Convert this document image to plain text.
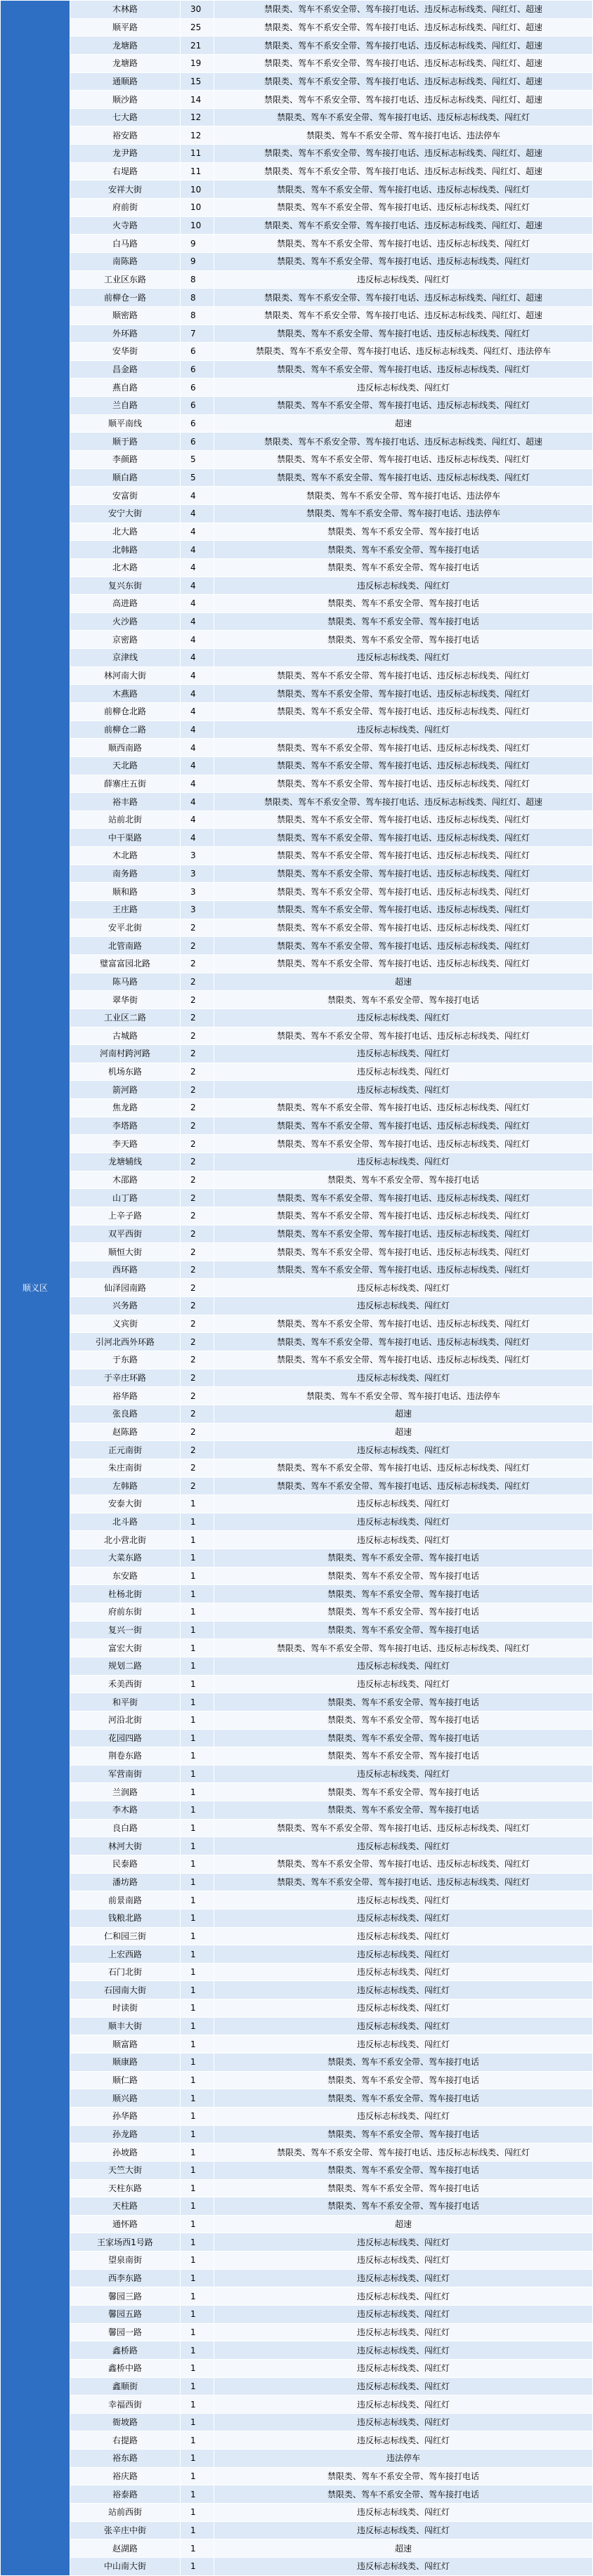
顺义区	木林路	30	禁限类、驾车不系安全带、驾车接打电话、违反标志标线类、闯红灯、超速
	顺平路	25	禁限类、驾车不系安全带、驾车接打电话、违反标志标线类、闯红灯、超速
	龙塘路	21	禁限类、驾车不系安全带、驾车接打电话、违反标志标线类、闯红灯、超速
	龙塘路	19	禁限类、驾车不系安全带、驾车接打电话、违反标志标线类、闯红灯、超速
	通顺路	15	禁限类、驾车不系安全带、驾车接打电话、违反标志标线类、闯红灯、超速
	顺沙路	14	禁限类、驾车不系安全带、驾车接打电话、违反标志标线类、闯红灯、超速
	七大路	12	禁限类、驾车不系安全带、驾车接打电话、违反标志标线类、闯红灯
	裕安路	12	禁限类、驾车不系安全带、驾车接打电话、违法停车
	龙尹路	11	禁限类、驾车不系安全带、驾车接打电话、违反标志标线类、闯红灯、超速
	右堤路	11	禁限类、驾车不系安全带、驾车接打电话、违反标志标线类、闯红灯、超速
	安祥大街	10	禁限类、驾车不系安全带、驾车接打电话、违反标志标线类、闯红灯
	府前街	10	禁限类、驾车不系安全带、驾车接打电话、违反标志标线类、闯红灯
	火寺路	10	禁限类、驾车不系安全带、驾车接打电话、违反标志标线类、闯红灯、超速
	白马路	9	禁限类、驾车不系安全带、驾车接打电话、违反标志标线类、闯红灯
	南陈路	9	禁限类、驾车不系安全带、驾车接打电话、违反标志标线类、闯红灯
	工业区东路	8	违反标志标线类、闯红灯
	前柳仓一路	8	禁限类、驾车不系安全带、驾车接打电话、违反标志标线类、闯红灯、超速
	顺密路	8	禁限类、驾车不系安全带、驾车接打电话、违反标志标线类、闯红灯、超速
	外环路	7	禁限类、驾车不系安全带、驾车接打电话、违反标志标线类、闯红灯
	安华街	6	禁限类、驾车不系安全带、驾车接打电话、违反标志标线类、闯红灯、违法停车
	昌金路	6	禁限类、驾车不系安全带、驾车接打电话、违反标志标线类、闯红灯
	燕自路	6	违反标志标线类、闯红灯
	兰自路	6	禁限类、驾车不系安全带、驾车接打电话、违反标志标线类、闯红灯
	顺平南线	6	超速
	顺于路	6	禁限类、驾车不系安全带、驾车接打电话、违反标志标线类、闯红灯、超速
	李颜路	5	禁限类、驾车不系安全带、驾车接打电话、违反标志标线类、闯红灯
	顺白路	5	禁限类、驾车不系安全带、驾车接打电话、违反标志标线类、闯红灯
	安富街	4	禁限类、驾车不系安全带、驾车接打电话、违法停车
	安宁大街	4	禁限类、驾车不系安全带、驾车接打电话、违法停车
	北大路	4	禁限类、驾车不系安全带、驾车接打电话
	北韩路	4	禁限类、驾车不系安全带、驾车接打电话
	北木路	4	禁限类、驾车不系安全带、驾车接打电话
	复兴东街	4	违反标志标线类、闯红灯
	高进路	4	禁限类、驾车不系安全带、驾车接打电话
	火沙路	4	禁限类、驾车不系安全带、驾车接打电话
	京密路	4	禁限类、驾车不系安全带、驾车接打电话
	京津线	4	违反标志标线类、闯红灯
	林河南大街	4	禁限类、驾车不系安全带、驾车接打电话、违反标志标线类、闯红灯
	木燕路	4	禁限类、驾车不系安全带、驾车接打电话、违反标志标线类、闯红灯
	前柳仓北路	4	禁限类、驾车不系安全带、驾车接打电话、违反标志标线类、闯红灯
	前柳仓二路	4	违反标志标线类、闯红灯
	顺西南路	4	禁限类、驾车不系安全带、驾车接打电话、违反标志标线类、闯红灯
	天北路	4	禁限类、驾车不系安全带、驾车接打电话、违反标志标线类、闯红灯
	薛寨庄五街	4	禁限类、驾车不系安全带、驾车接打电话、违反标志标线类、闯红灯
	裕丰路	4	禁限类、驾车不系安全带、驾车接打电话、违反标志标线类、闯红灯、超速
	站前北街	4	禁限类、驾车不系安全带、驾车接打电话、违反标志标线类、闯红灯
	中干渠路	4	禁限类、驾车不系安全带、驾车接打电话、违反标志标线类、闯红灯
	木北路	3	禁限类、驾车不系安全带、驾车接打电话、违反标志标线类、闯红灯
	南务路	3	禁限类、驾车不系安全带、驾车接打电话、违反标志标线类、闯红灯
	顺和路	3	禁限类、驾车不系安全带、驾车接打电话、违反标志标线类、闯红灯
	王庄路	3	禁限类、驾车不系安全带、驾车接打电话、违反标志标线类、闯红灯
	安平北街	2	禁限类、驾车不系安全带、驾车接打电话、违反标志标线类、闯红灯
	北管南路	2	禁限类、驾车不系安全带、驾车接打电话、违反标志标线类、闯红灯
	璧富富园北路	2	禁限类、驾车不系安全带、驾车接打电话、违反标志标线类、闯红灯
	陈马路	2	超速
	翠华街	2	禁限类、驾车不系安全带、驾车接打电话
	工业区二路	2	违反标志标线类、闯红灯
	古城路	2	禁限类、驾车不系安全带、驾车接打电话、违反标志标线类、闯红灯
	河南村跨河路	2	违反标志标线类、闯红灯
	机场东路	2	违反标志标线类、闯红灯
	箭河路	2	违反标志标线类、闯红灯
	焦龙路	2	禁限类、驾车不系安全带、驾车接打电话、违反标志标线类、闯红灯
	李塔路	2	禁限类、驾车不系安全带、驾车接打电话、违反标志标线类、闯红灯
	李天路	2	禁限类、驾车不系安全带、驾车接打电话、违反标志标线类、闯红灯
	龙塘辅线	2	违反标志标线类、闯红灯
	木邵路	2	禁限类、驾车不系安全带、驾车接打电话
	山丁路	2	禁限类、驾车不系安全带、驾车接打电话、违反标志标线类、闯红灯
	上辛子路	2	禁限类、驾车不系安全带、驾车接打电话、违反标志标线类、闯红灯
	双平西街	2	禁限类、驾车不系安全带、驾车接打电话、违反标志标线类、闯红灯
	顺恒大街	2	禁限类、驾车不系安全带、驾车接打电话、违反标志标线类、闯红灯
	西环路	2	禁限类、驾车不系安全带、驾车接打电话、违反标志标线类、闯红灯
	仙泽园南路	2	违反标志标线类、闯红灯
	兴务路	2	违反标志标线类、闯红灯
	义宾街	2	禁限类、驾车不系安全带、驾车接打电话、违反标志标线类、闯红灯
	引河北西外环路	2	禁限类、驾车不系安全带、驾车接打电话、违反标志标线类、闯红灯
	于东路	2	禁限类、驾车不系安全带、驾车接打电话、违反标志标线类、闯红灯
	于辛庄环路	2	违反标志标线类、闯红灯
	裕华路	2	禁限类、驾车不系安全带、驾车接打电话、违法停车
	张良路	2	超速
	赵陈路	2	超速
	正元南街	2	违反标志标线类、闯红灯
	朱庄南街	2	禁限类、驾车不系安全带、驾车接打电话、违反标志标线类、闯红灯
	左韩路	2	禁限类、驾车不系安全带、驾车接打电话、违反标志标线类、闯红灯
	安泰大街	1	违反标志标线类、闯红灯
	北斗路	1	违反标志标线类、闯红灯
	北小营北街	1	违反标志标线类、闯红灯
	大菜东路	1	禁限类、驾车不系安全带、驾车接打电话
	东安路	1	禁限类、驾车不系安全带、驾车接打电话
	杜杨北街	1	禁限类、驾车不系安全带、驾车接打电话
	府前东街	1	禁限类、驾车不系安全带、驾车接打电话
	复兴一街	1	禁限类、驾车不系安全带、驾车接打电话
	富宏大街	1	禁限类、驾车不系安全带、驾车接打电话、违反标志标线类、闯红灯
	规划二路	1	违反标志标线类、闯红灯
	禾美西街	1	违反标志标线类、闯红灯
	和平街	1	禁限类、驾车不系安全带、驾车接打电话
	河沿北街	1	禁限类、驾车不系安全带、驾车接打电话
	花园四路	1	禁限类、驾车不系安全带、驾车接打电话
	荆卷东路	1	禁限类、驾车不系安全带、驾车接打电话
	军营南街	1	违反标志标线类、闯红灯
	兰润路	1	禁限类、驾车不系安全带、驾车接打电话
	李木路	1	禁限类、驾车不系安全带、驾车接打电话
	良白路	1	禁限类、驾车不系安全带、驾车接打电话、违反标志标线类、闯红灯
	林河大街	1	违反标志标线类、闯红灯
	民泰路	1	禁限类、驾车不系安全带、驾车接打电话、违反标志标线类、闯红灯
	潘坊路	1	禁限类、驾车不系安全带、驾车接打电话、违反标志标线类、闯红灯
	前景南路	1	违反标志标线类、闯红灯
	钱粮北路	1	违反标志标线类、闯红灯
	仁和园三街	1	违反标志标线类、闯红灯
	上宏西路	1	违反标志标线类、闯红灯
	石门北街	1	违反标志标线类、闯红灯
	石园南大街	1	违反标志标线类、闯红灯
	时读街	1	违反标志标线类、闯红灯
	顺丰大街	1	违反标志标线类、闯红灯
	顺富路	1	违反标志标线类、闯红灯
	顺康路	1	禁限类、驾车不系安全带、驾车接打电话
	顺仁路	1	禁限类、驾车不系安全带、驾车接打电话
	顺兴路	1	禁限类、驾车不系安全带、驾车接打电话
	孙华路	1	违反标志标线类、闯红灯
	孙龙路	1	禁限类、驾车不系安全带、驾车接打电话
	孙坡路	1	禁限类、驾车不系安全带、驾车接打电话、违反标志标线类、闯红灯
	天竺大街	1	禁限类、驾车不系安全带、驾车接打电话
	天柱东路	1	禁限类、驾车不系安全带、驾车接打电话
	天柱路	1	禁限类、驾车不系安全带、驾车接打电话
	通怀路	1	超速
	王家场西1号路	1	违反标志标线类、闯红灯
	望泉南街	1	违反标志标线类、闯红灯
	西李东路	1	违反标志标线类、闯红灯
	馨园三路	1	违反标志标线类、闯红灯
	馨园五路	1	违反标志标线类、闯红灯
	馨园一路	1	违反标志标线类、闯红灯
	鑫桥路	1	违反标志标线类、闯红灯
	鑫桥中路	1	违反标志标线类、闯红灯
	鑫顺街	1	违反标志标线类、闯红灯
	幸福西街	1	违反标志标线类、闯红灯
	衙坡路	1	违反标志标线类、闯红灯
	右提路	1	违反标志标线类、闯红灯
	裕东路	1	违法停车
	裕庆路	1	禁限类、驾车不系安全带、驾车接打电话
	裕泰路	1	禁限类、驾车不系安全带、驾车接打电话
	站前西街	1	违反标志标线类、闯红灯
	张辛庄中街	1	违反标志标线类、闯红灯
	赵湖路	1	超速
	中山南大街	1	违反标志标线类、闯红灯
